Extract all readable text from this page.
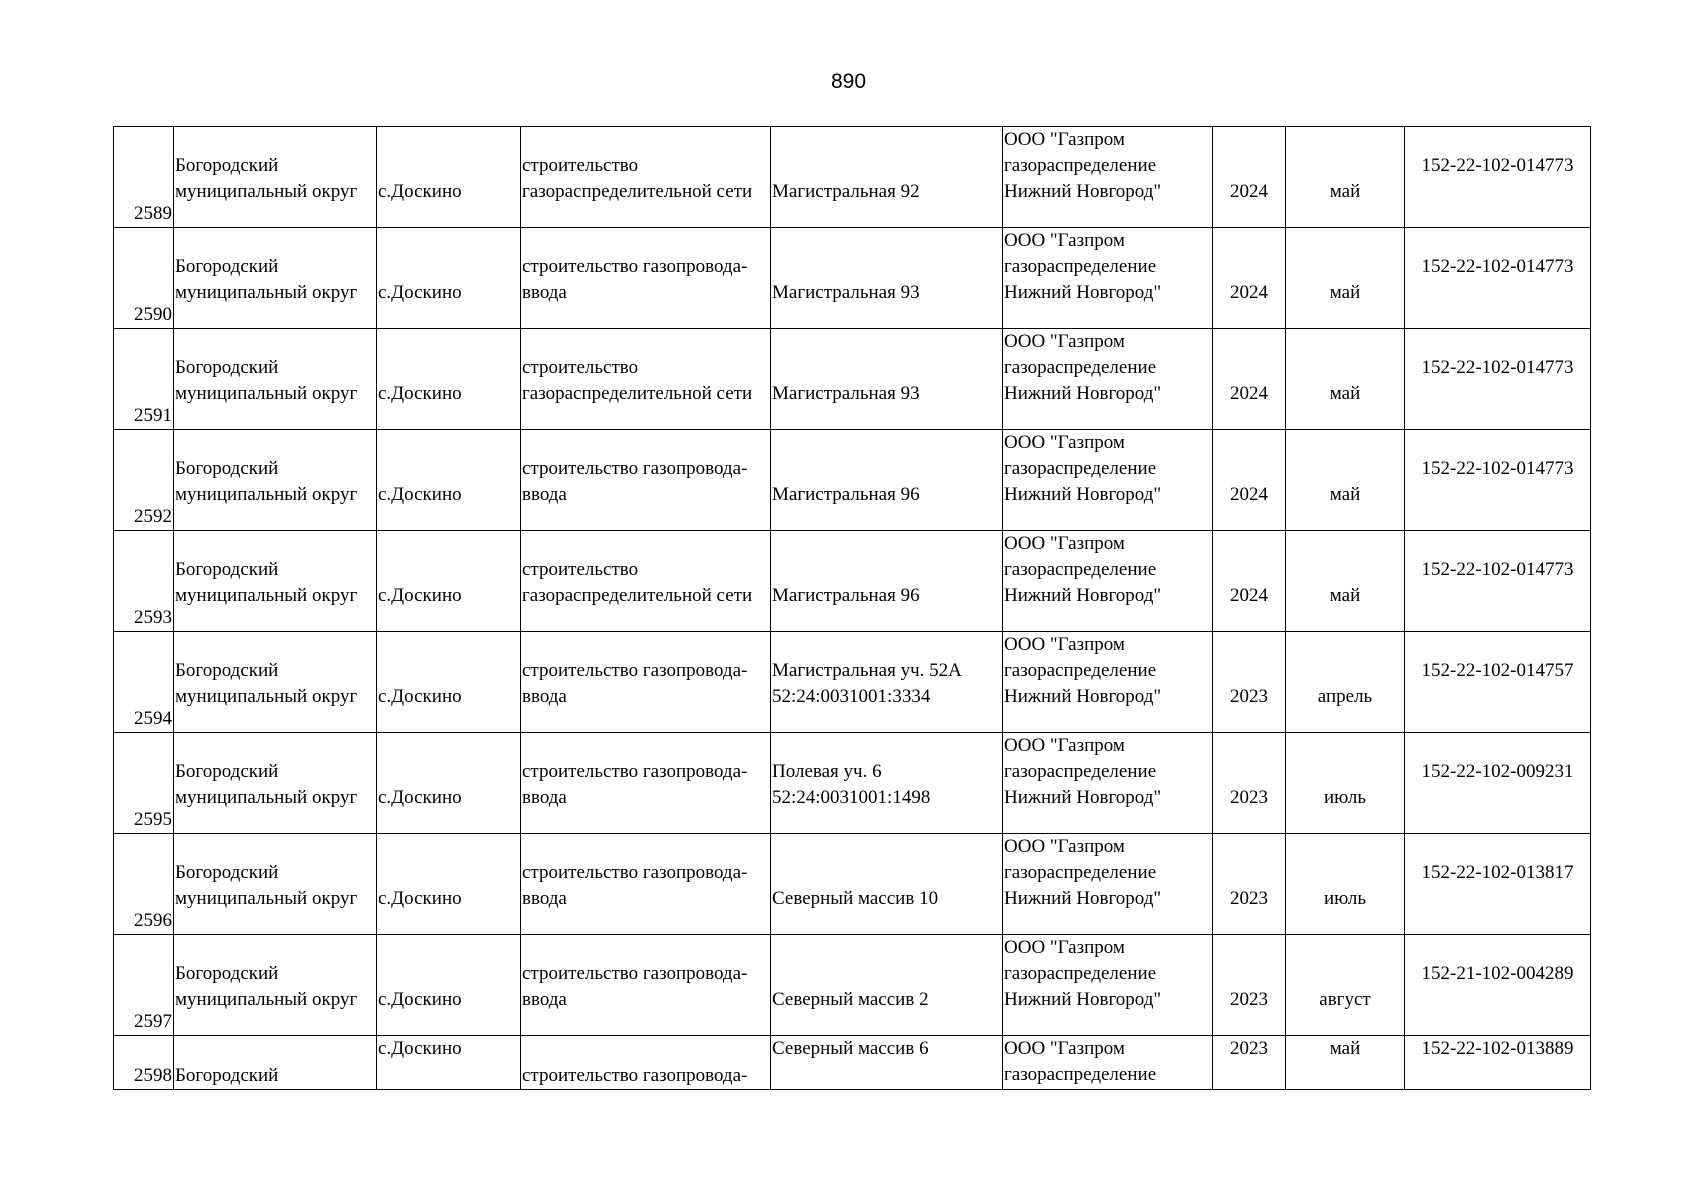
890
2589	Богородский
муниципальный округ	с.Доскино	строительство
газораспределительной сети	Магистральная 92	ООО "Газпром
газораспределение
Нижний Новгород"	2024	май	152-22-102-014773

2590	Богородский
муниципальный округ	с.Доскино	строительство газопровода-
ввода	Магистральная 93	ООО "Газпром
газораспределение
Нижний Новгород"	2024	май	152-22-102-014773

2591	Богородский
муниципальный округ	с.Доскино	строительство
газораспределительной сети	Магистральная 93	ООО "Газпром
газораспределение
Нижний Новгород"	2024	май	152-22-102-014773

2592	Богородский
муниципальный округ	с.Доскино	строительство газопровода-
ввода	Магистральная 96	ООО "Газпром
газораспределение
Нижний Новгород"	2024	май	152-22-102-014773

2593	Богородский
муниципальный округ	с.Доскино	строительство
газораспределительной сети	Магистральная 96	ООО "Газпром
газораспределение
Нижний Новгород"	2024	май	152-22-102-014773

2594	Богородский
муниципальный округ	с.Доскино	строительство газопровода-
ввода	Магистральная уч. 52А
52:24:0031001:3334	ООО "Газпром
газораспределение
Нижний Новгород"	2023	апрель	152-22-102-014757

2595	Богородский
муниципальный округ	с.Доскино	строительство газопровода-
ввода	Полевая уч. 6
52:24:0031001:1498	ООО "Газпром
газораспределение
Нижний Новгород"	2023	июль	152-22-102-009231

2596	Богородский
муниципальный округ	с.Доскино	строительство газопровода-
ввода	Северный массив 10	ООО "Газпром
газораспределение
Нижний Новгород"	2023	июль	152-22-102-013817

2597	Богородский
муниципальный округ	с.Доскино	строительство газопровода-
ввода	Северный массив 2	ООО "Газпром
газораспределение
Нижний Новгород"	2023	август	152-21-102-004289

2598	Богородский	с.Доскино	строительство газопровода-	Северный массив 6	ООО "Газпром
газораспределение	2023	май	152-22-102-013889
